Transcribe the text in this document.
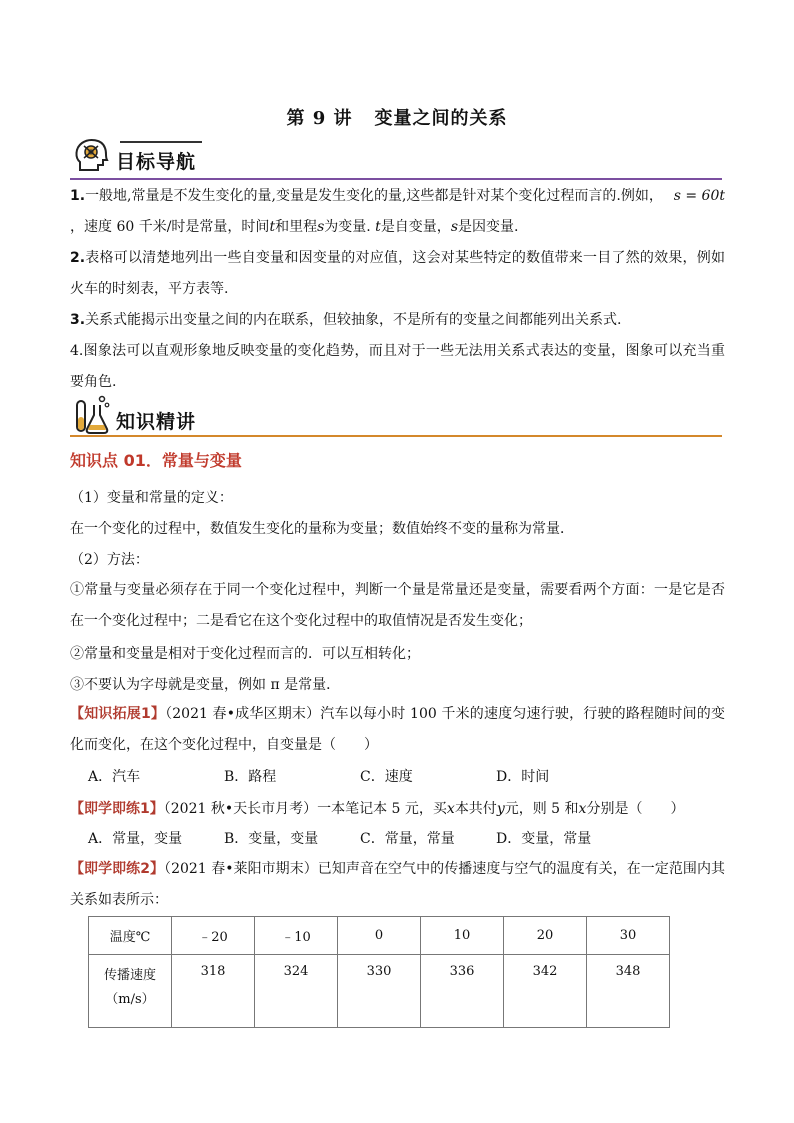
第 9 讲 变量之间的关系
目标导航
1.一般地,常量是不发生变化的量,变量是发生变化的量,这些都是针对某个变化过程而言的.例如， s = 60t

，速度 60 千米/时是常量，时间t和里程s为变量. t是自变量，s是因变量.
2.表格可以清楚地列出一些自变量和因变量的对应值，这会对某些特定的数值带来一目了然的效果，例如火车的时刻表，平方表等.
3.关系式能揭示出变量之间的内在联系，但较抽象，不是所有的变量之间都能列出关系式.
4.图象法可以直观形象地反映变量的变化趋势，而且对于一些无法用关系式表达的变量，图象可以充当重要角色.
知识精讲
知识点 01．常量与变量
（1）变量和常量的定义：
在一个变化的过程中，数值发生变化的量称为变量；数值始终不变的量称为常量．
（2）方法：
①常量与变量必须存在于同一个变化过程中，判断一个量是常量还是变量，需要看两个方面：一是它是否在一个变化过程中；二是看它在这个变化过程中的取值情况是否发生变化；
②常量和变量是相对于变化过程而言的．可以互相转化；
③不要认为字母就是变量，例如 π 是常量．
【知识拓展1】（2021 春•成华区期末）汽车以每小时 100 千米的速度匀速行驶，行驶的路程随时间的变化而变化，在这个变化过程中，自变量是（　　）
A．汽车	B．路程	C．速度	D．时间
【即学即练1】（2021 秋•天长市月考）一本笔记本 5 元，买x本共付y元，则 5 和x分别是（　　）
A．常量，变量	B．变量，变量	C．常量，常量	D．变量，常量
【即学即练2】（2021 春•莱阳市期末）已知声音在空气中的传播速度与空气的温度有关，在一定范围内其关系如表所示：
温度℃	﹣20	﹣10	0	10	20	30
传播速度
（m/s）	318	324	330	336	342	348
